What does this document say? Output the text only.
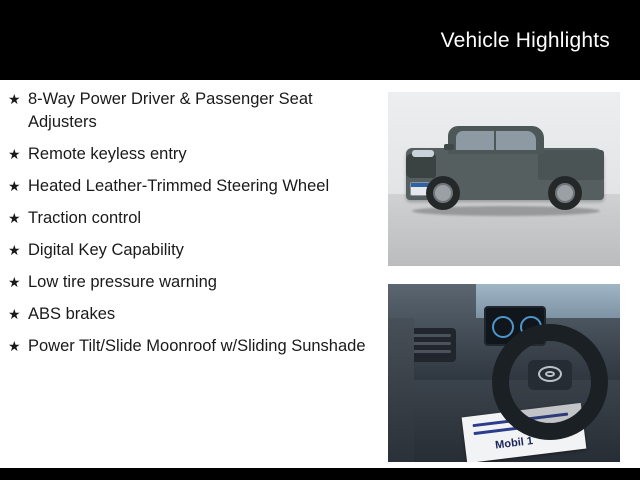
Vehicle Highlights
★ 8-Way Power Driver & Passenger Seat Adjusters
★ Remote keyless entry
★ Heated Leather-Trimmed Steering Wheel
★ Traction control
★ Digital Key Capability
★ Low tire pressure warning
★ ABS brakes
★ Power Tilt/Slide Moonroof w/Sliding Sunshade
Mobil 1
